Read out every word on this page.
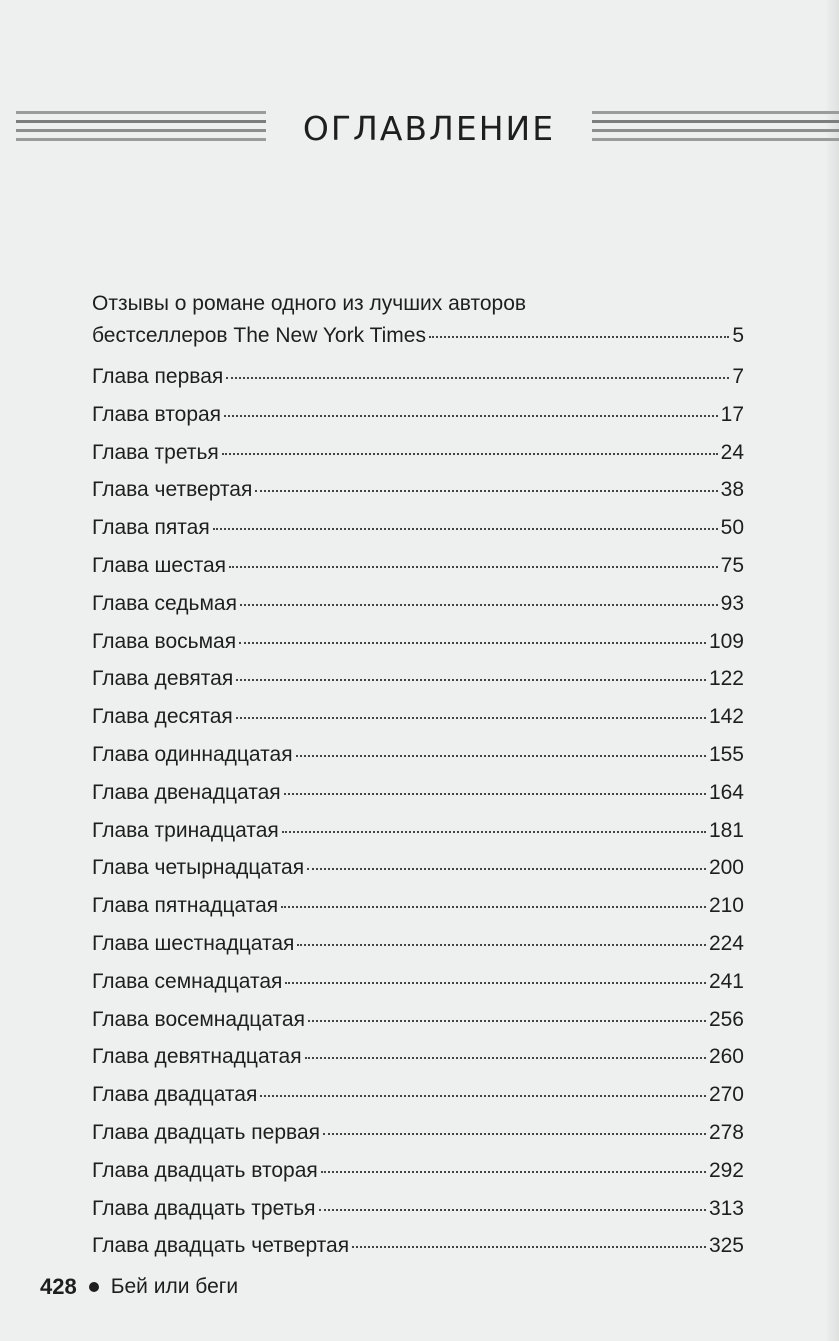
ОГЛАВЛЕНИЕ
Отзывы о романе одного из лучших авторов
бестселлеров The New York Times	5
Глава первая	7
Глава вторая	17
Глава третья	24
Глава четвертая	38
Глава пятая	50
Глава шестая	75
Глава седьмая	93
Глава восьмая	109
Глава девятая	122
Глава десятая	142
Глава одиннадцатая	155
Глава двенадцатая	164
Глава тринадцатая	181
Глава четырнадцатая	200
Глава пятнадцатая	210
Глава шестнадцатая	224
Глава семнадцатая	241
Глава восемнадцатая	256
Глава девятнадцатая	260
Глава двадцатая	270
Глава двадцать первая	278
Глава двадцать вторая	292
Глава двадцать третья	313
Глава двадцать четвертая	325
428 Бей или беги
